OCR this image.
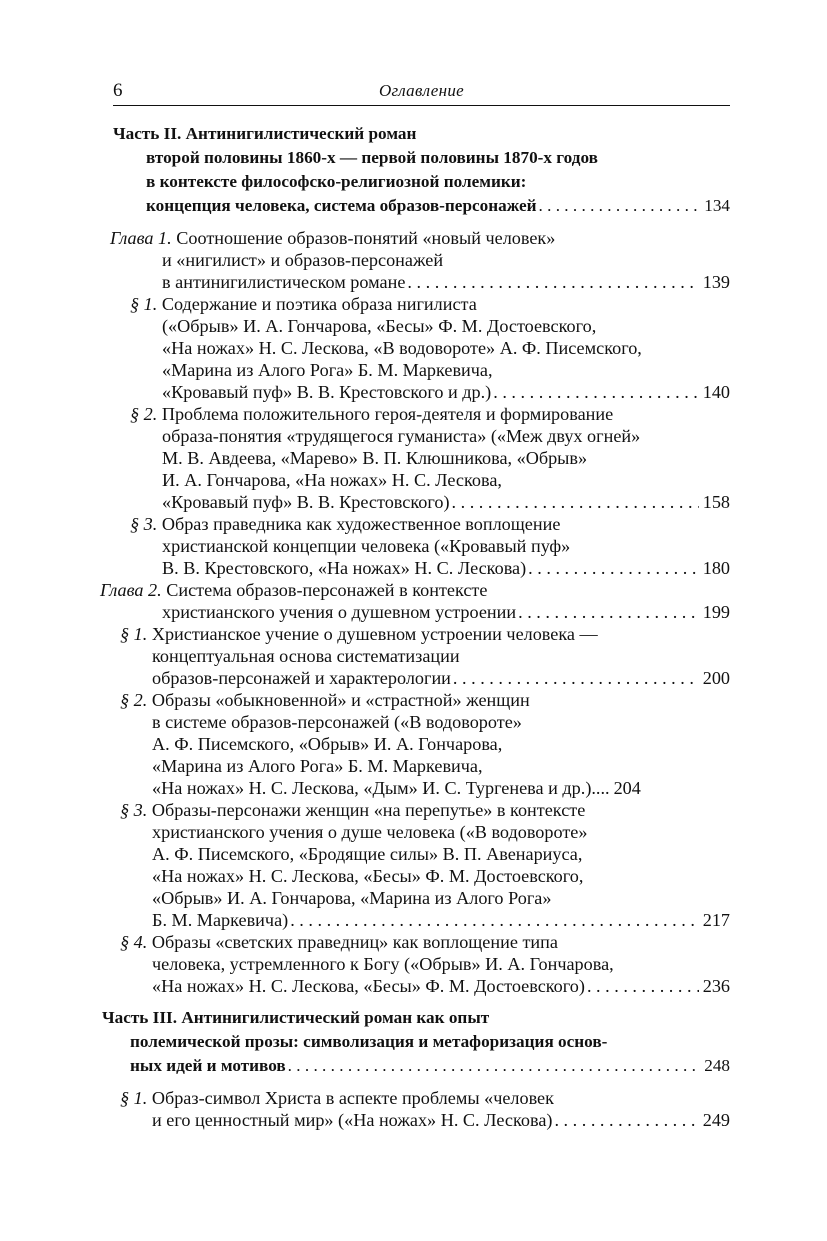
6	Оглавление
Часть II. Антинигилистический роман
второй половины 1860-х — первой половины 1870-х годов
в контексте философско-религиозной полемики:
концепция человека, система образов-персонажей . . .	134
Глава 1. Соотношение образов-понятий «новый человек»
и «нигилист» и образов-персонажей
в антинигилистическом романе . . .	139
§ 1. Содержание и поэтика образа нигилиста
(«Обрыв» И. А. Гончарова, «Бесы» Ф. М. Достоевского,
«На ножах» Н. С. Лескова, «В водовороте» А. Ф. Писемского,
«Марина из Алого Рога» Б. М. Маркевича,
«Кровавый пуф» В. В. Крестовского и др.) . . .	140
§ 2. Проблема положительного героя-деятеля и формирование
образа-понятия «трудящегося гуманиста» («Меж двух огней»
М. В. Авдеева, «Марево» В. П. Клюшникова, «Обрыв»
И. А. Гончарова, «На ножах» Н. С. Лескова,
«Кровавый пуф» В. В. Крестовского) . . .	158
§ 3. Образ праведника как художественное воплощение
христианской концепции человека («Кровавый пуф»
В. В. Крестовского, «На ножах» Н. С. Лескова) . . .	180
Глава 2. Система образов-персонажей в контексте
христианского учения о душевном устроении . . .	199
§ 1. Христианское учение о душевном устроении человека —
концептуальная основа систематизации
образов-персонажей и характерологии . . .	200
§ 2. Образы «обыкновенной» и «страстной» женщин
в системе образов-персонажей («В водовороте»
А. Ф. Писемского, «Обрыв» И. А. Гончарова,
«Марина из Алого Рога» Б. М. Маркевича,
«На ножах» Н. С. Лескова, «Дым» И. С. Тургенева и др.).... 204
§ 3. Образы-персонажи женщин «на перепутье» в контексте
христианского учения о душе человека («В водовороте»
А. Ф. Писемского, «Бродящие силы» В. П. Авенариуса,
«На ножах» Н. С. Лескова, «Бесы» Ф. М. Достоевского,
«Обрыв» И. А. Гончарова, «Марина из Алого Рога»
Б. М. Маркевича) . . .	217
§ 4. Образы «светских праведниц» как воплощение типа
человека, устремленного к Богу («Обрыв» И. А. Гончарова,
«На ножах» Н. С. Лескова, «Бесы» Ф. М. Достоевского) . . .	236
Часть III. Антинигилистический роман как опыт
полемической прозы: символизация и метафоризация основ-
ных идей и мотивов . . .	248
§ 1. Образ-символ Христа в аспекте проблемы «человек
и его ценностный мир» («На ножах» Н. С. Лескова) . . .	249
